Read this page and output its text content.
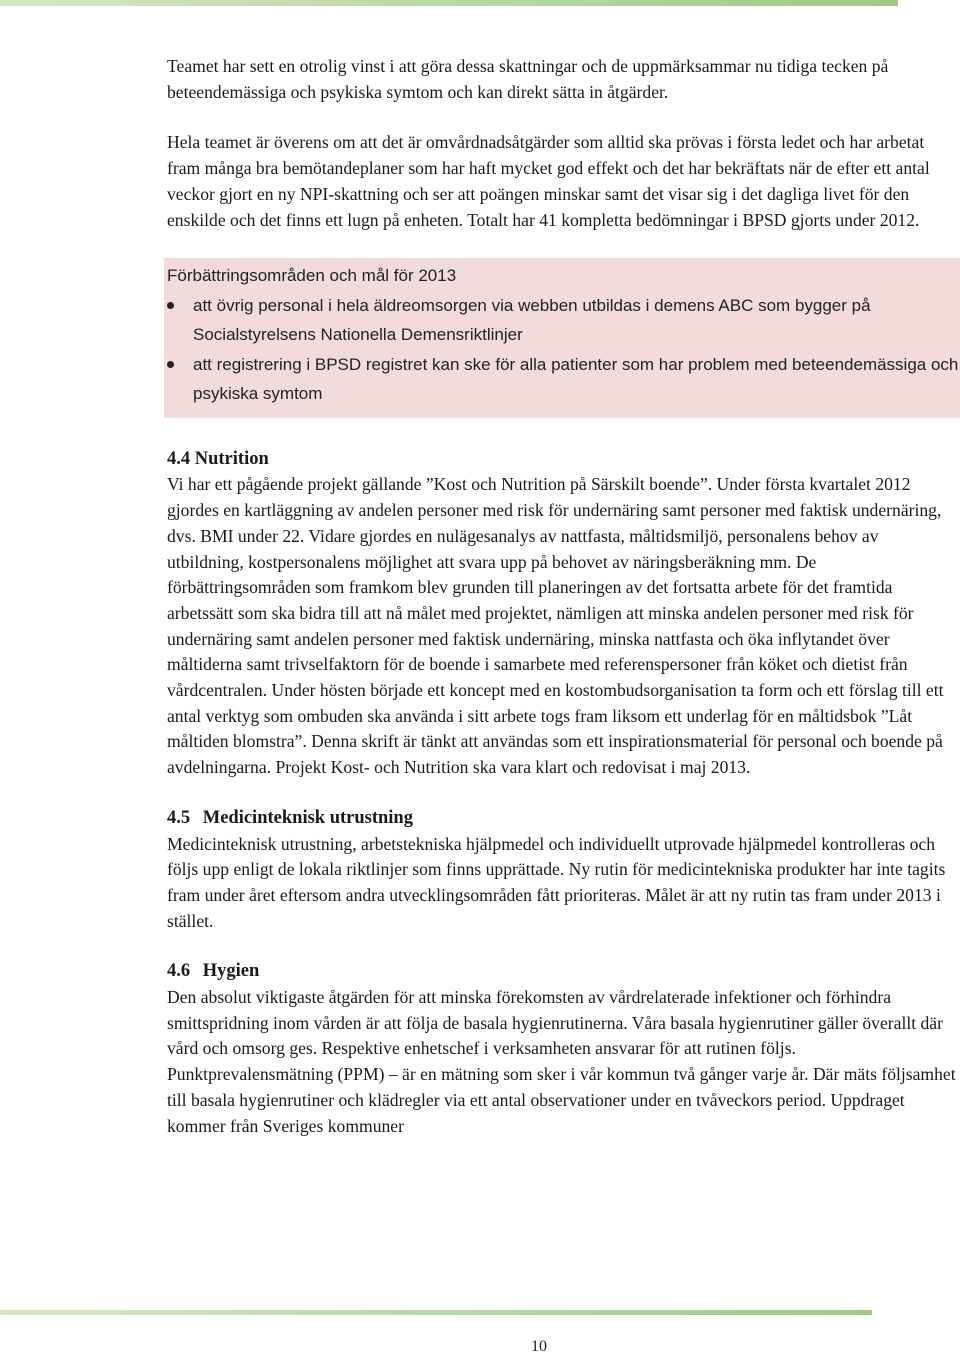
Teamet har sett en otrolig vinst i att göra dessa skattningar och de uppmärksammar nu tidiga tecken på beteendemässiga och psykiska symtom och kan direkt sätta in åtgärder.

Hela teamet är överens om att det är omvårdnadsåtgärder som alltid ska prövas i första ledet och har arbetat fram många bra bemötandeplaner som har haft mycket god effekt och det har bekräftats när de efter ett antal veckor gjort en ny NPI-skattning och ser att poängen minskar samt det visar sig i det dagliga livet för den enskilde och det finns ett lugn på enheten. Totalt har 41 kompletta bedömningar i BPSD gjorts under 2012.

Förbättringsområden och mål för 2013
att övrig personal i hela äldreomsorgen via webben utbildas i demens ABC som bygger på Socialstyrelsens Nationella Demensriktlinjer
att registrering i BPSD registret kan ske för alla patienter som har problem med beteendemässiga och psykiska symtom
4.4 Nutrition

Vi har ett pågående projekt gällande ”Kost och Nutrition på Särskilt boende”. Under första kvartalet 2012 gjordes en kartläggning av andelen personer med risk för undernäring samt personer med faktisk undernäring, dvs. BMI under 22. Vidare gjordes en nulägesanalys av nattfasta, måltidsmiljö, personalens behov av utbildning, kostpersonalens möjlighet att svara upp på behovet av näringsberäkning mm. De förbättringsområden som framkom blev grunden till planeringen av det fortsatta arbete för det framtida arbetssätt som ska bidra till att nå målet med projektet, nämligen att minska andelen personer med risk för undernäring samt andelen personer med faktisk undernäring, minska nattfasta och öka inflytandet över måltiderna samt trivselfaktorn för de boende i samarbete med referenspersoner från köket och dietist från vårdcentralen. Under hösten började ett koncept med en kostombudsorganisation ta form och ett förslag till ett antal verktyg som ombuden ska använda i sitt arbete togs fram liksom ett underlag för en måltidsbok ”Låt måltiden blomstra”. Denna skrift är tänkt att användas som ett inspirationsmaterial för personal och boende på avdelningarna. Projekt Kost- och Nutrition ska vara klart och redovisat i maj 2013.

4.5 Medicinteknisk utrustning

Medicinteknisk utrustning, arbetstekniska hjälpmedel och individuellt utprovade hjälpmedel kontrolleras och följs upp enligt de lokala riktlinjer som finns upprättade. Ny rutin för medicintekniska produkter har inte tagits fram under året eftersom andra utvecklingsområden fått prioriteras. Målet är att ny rutin tas fram under 2013 i stället.

4.6 Hygien

Den absolut viktigaste åtgärden för att minska förekomsten av vårdrelaterade infektioner och förhindra smittspridning inom vården är att följa de basala hygienrutinerna. Våra basala hygienrutiner gäller överallt där vård och omsorg ges. Respektive enhetschef i verksamheten ansvarar för att rutinen följs. Punktprevalensmätning (PPM) – är en mätning som sker i vår kommun två gånger varje år. Där mäts följsamhet till basala hygienrutiner och klädregler via ett antal observationer under en tvåveckors period. Uppdraget kommer från Sveriges kommuner

10
